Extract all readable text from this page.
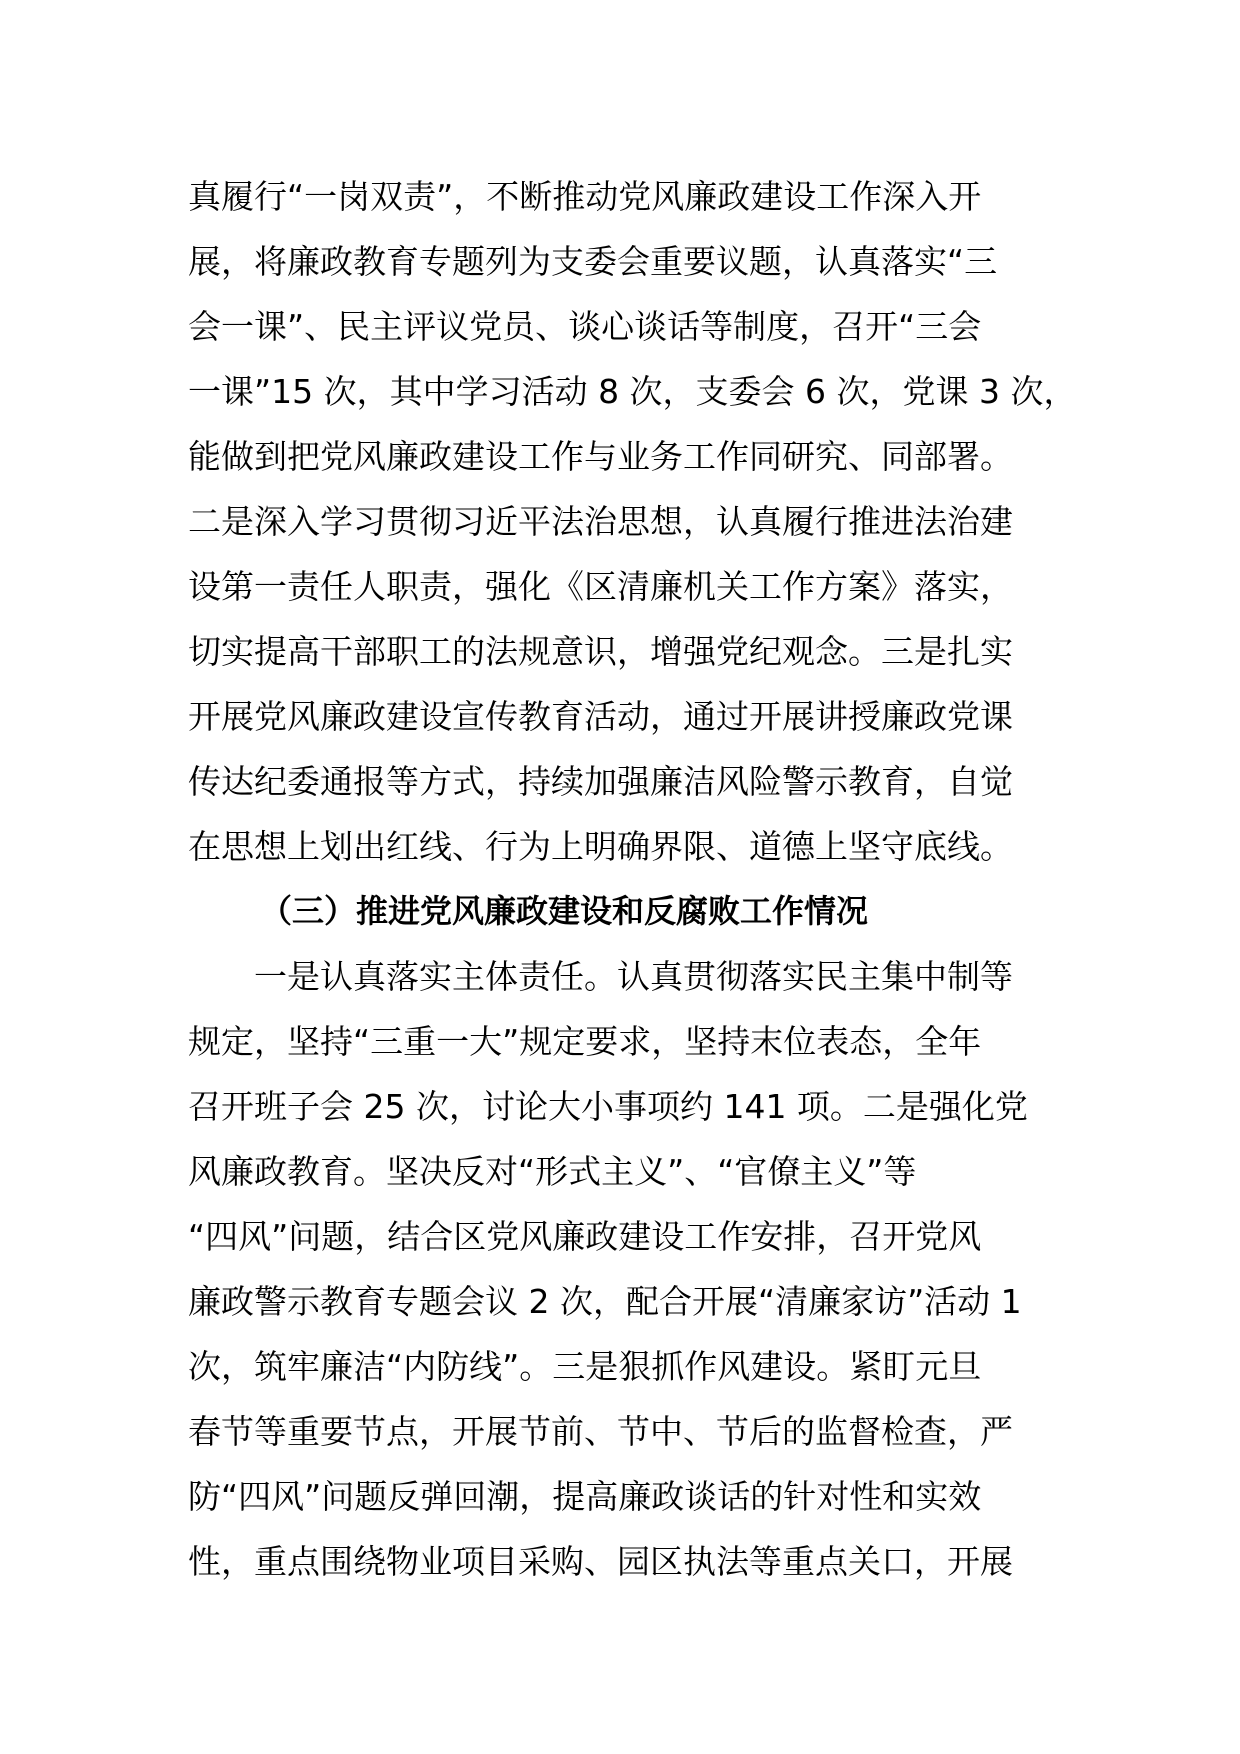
真履行“一岗双责”，不断推动党风廉政建设工作深入开
展，将廉政教育专题列为支委会重要议题，认真落实“三
会一课”、民主评议党员、谈心谈话等制度，召开“三会
一课”15 次，其中学习活动 8 次，支委会 6 次，党课 3 次，
能做到把党风廉政建设工作与业务工作同研究、同部署。
二是深入学习贯彻习近平法治思想，认真履行推进法治建
设第一责任人职责，强化《区清廉机关工作方案》落实，
切实提高干部职工的法规意识，增强党纪观念。三是扎实
开展党风廉政建设宣传教育活动，通过开展讲授廉政党课
传达纪委通报等方式，持续加强廉洁风险警示教育，自觉
在思想上划出红线、行为上明确界限、道德上坚守底线。
（三）推进党风廉政建设和反腐败工作情况
一是认真落实主体责任。认真贯彻落实民主集中制等
规定，坚持“三重一大”规定要求，坚持末位表态，全年
召开班子会 25 次，讨论大小事项约 141 项。二是强化党
风廉政教育。坚决反对“形式主义”、“官僚主义”等
“四风”问题，结合区党风廉政建设工作安排，召开党风
廉政警示教育专题会议 2 次，配合开展“清廉家访”活动 1
次，筑牢廉洁“内防线”。三是狠抓作风建设。紧盯元旦
春节等重要节点，开展节前、节中、节后的监督检查，严
防“四风”问题反弹回潮，提高廉政谈话的针对性和实效
性，重点围绕物业项目采购、园区执法等重点关口，开展
